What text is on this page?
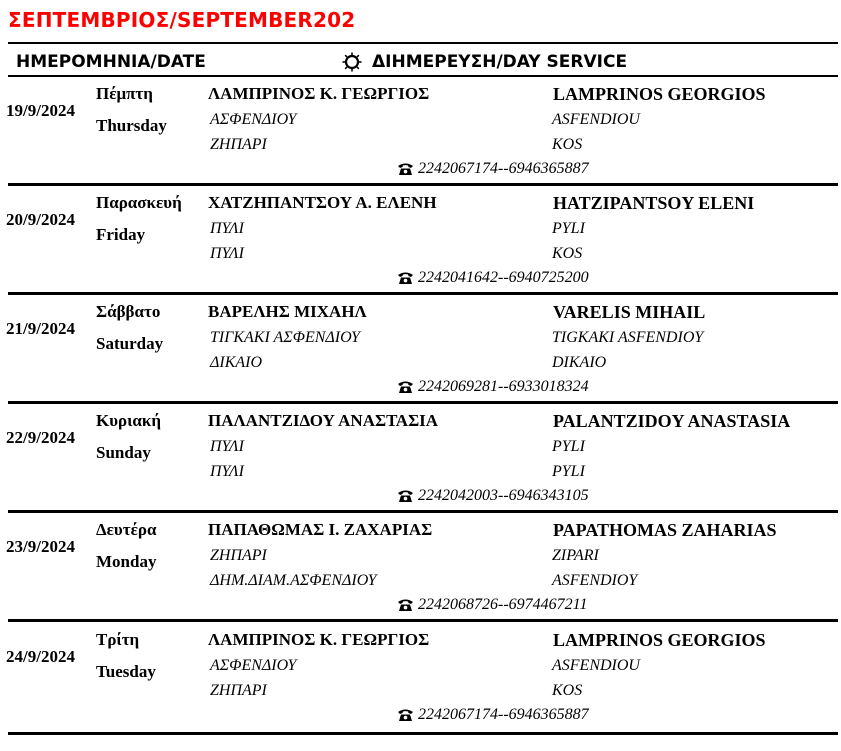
ΣΕΠΤΕΜΒΡΙΟΣ/SEPTEMBER202
ΗΜΕΡΟΜΗΝΙΑ/DATE	ΔΙΗΜΕΡΕΥΣΗ/DAY SERVICE
19/9/2024
Πέμπτη
Thursday
ΛΑΜΠΡΙΝΟΣ Κ. ΓΕΩΡΓΙΟΣ
ΑΣΦΕΝΔΙΟΥ
ΖΗΠΑΡΙ
LAMPRINOS GEORGIOS
ASFENDIOU
KOS
2242067174--6946365887
20/9/2024
Παρασκευή
Friday
ΧΑΤΖΗΠΑΝΤΣΟΥ Α. ΕΛΕΝΗ
ΠΥΛΙ
ΠΥΛΙ
HATZIPANTSOY ELENI
PYLI
KOS
2242041642--6940725200
21/9/2024
Σάββατο
Saturday
ΒΑΡΕΛΗΣ ΜΙΧΑΗΛ
ΤΙΓΚΑΚΙ ΑΣΦΕΝΔΙΟΥ
ΔΙΚΑΙΟ
VARELIS MIHAIL
TIGKAKI ASFENDIOY
DIKAIO
2242069281--6933018324
22/9/2024
Κυριακή
Sunday
ΠΑΛΑΝΤΖΙΔΟΥ ΑΝΑΣΤΑΣΙΑ
ΠΥΛΙ
ΠΥΛΙ
PALANTZIDOY ANASTASIA
PYLI
PYLI
2242042003--6946343105
23/9/2024
Δευτέρα
Monday
ΠΑΠΑΘΩΜΑΣ Ι. ΖΑΧΑΡΙΑΣ
ΖΗΠΑΡΙ
ΔΗΜ.ΔΙΑΜ.ΑΣΦΕΝΔΙΟΥ
PAPATHOMAS ZAHARIAS
ZIPARI
ASFENDIOY
2242068726--6974467211
24/9/2024
Τρίτη
Tuesday
ΛΑΜΠΡΙΝΟΣ Κ. ΓΕΩΡΓΙΟΣ
ΑΣΦΕΝΔΙΟΥ
ΖΗΠΑΡΙ
LAMPRINOS GEORGIOS
ASFENDIOU
KOS
2242067174--6946365887
